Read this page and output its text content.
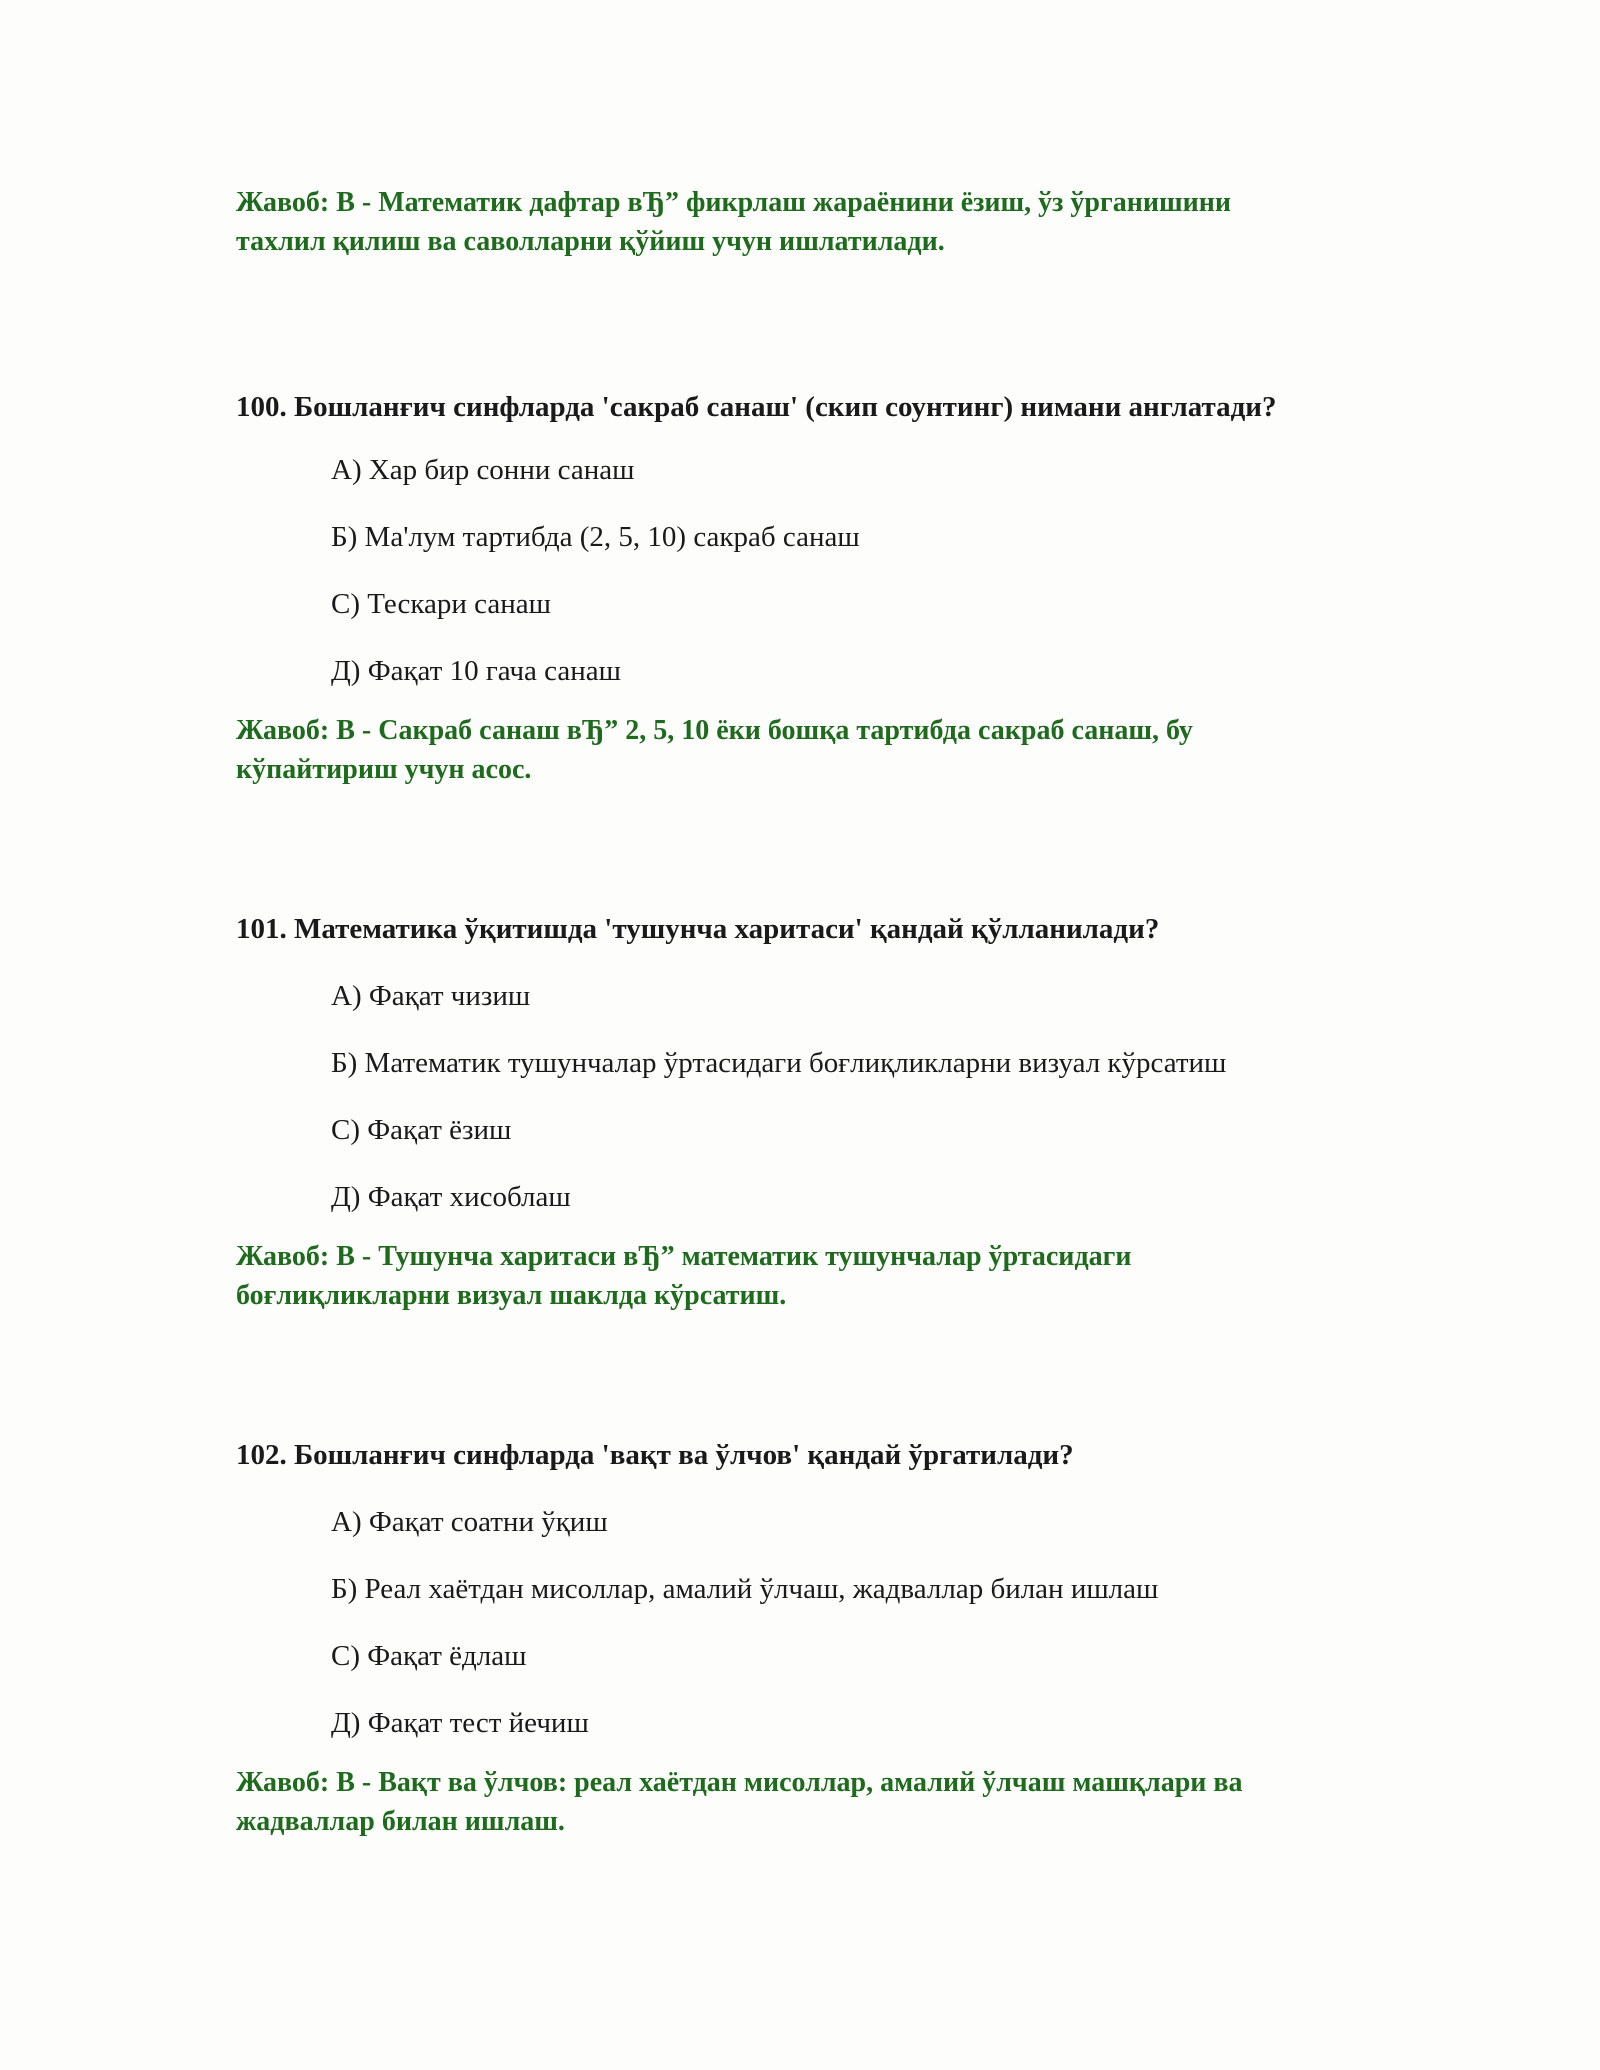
Жавоб: В - Математик дафтар вЂ” фикрлаш жараёнини ёзиш, ўз ўрганишини тахлил қилиш ва саволларни қўйиш учун ишлатилади.

100. Бошланғич синфларда 'сакраб санаш' (скип соунтинг) нимани англатади?

А) Хар бир сонни санаш
Б) Ма'лум тартибда (2, 5, 10) сакраб санаш
С) Тескари санаш
Д) Фақат 10 гача санаш

Жавоб: В - Сакраб санаш вЂ” 2, 5, 10 ёки бошқа тартибда сакраб санаш, бу кўпайтириш учун асос.

101. Математика ўқитишда 'тушунча харитаси' қандай қўлланилади?

А) Фақат чизиш
Б) Математик тушунчалар ўртасидаги боғлиқликларни визуал кўрсатиш
С) Фақат ёзиш
Д) Фақат хисоблаш

Жавоб: В - Тушунча харитаси вЂ” математик тушунчалар ўртасидаги боғлиқликларни визуал шаклда кўрсатиш.

102. Бошланғич синфларда 'вақт ва ўлчов' қандай ўргатилади?

А) Фақат соатни ўқиш
Б) Реал хаётдан мисоллар, амалий ўлчаш, жадваллар билан ишлаш
С) Фақат ёдлаш
Д) Фақат тест йечиш

Жавоб: В - Вақт ва ўлчов: реал хаётдан мисоллар, амалий ўлчаш машқлари ва жадваллар билан ишлаш.
